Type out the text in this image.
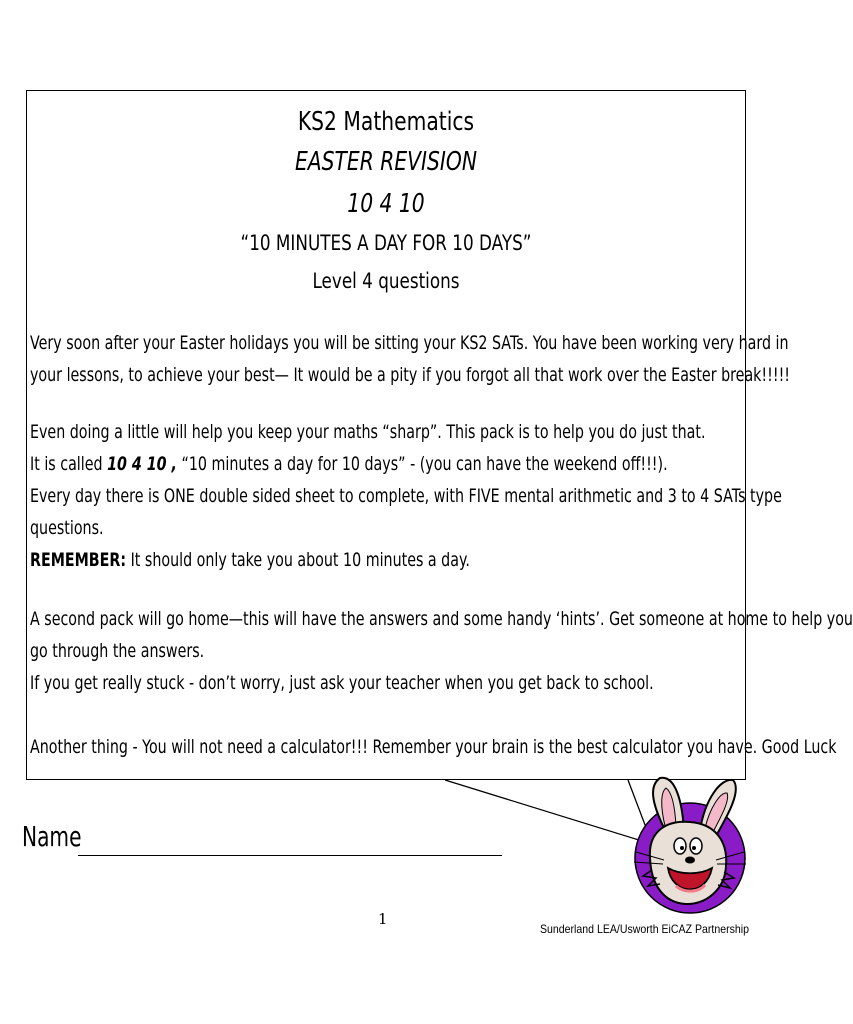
KS2 Mathematics
EASTER REVISION
10 4 10
“10 MINUTES A DAY FOR 10 DAYS”
Level 4 questions
Very soon after your Easter holidays you will be sitting your KS2 SATs. You have been working very hard in
your lessons, to achieve your best— It would be a pity if you forgot all that work over the Easter break!!!!!
Even doing a little will help you keep your maths “sharp”. This pack is to help you do just that.
It is called 10 4 10 , “10 minutes a day for 10 days” - (you can have the weekend off!!!).
Every day there is ONE double sided sheet to complete, with FIVE mental arithmetic and 3 to 4 SATs type
questions.
REMEMBER: It should only take you about 10 minutes a day.
A second pack will go home—this will have the answers and some handy ‘hints’. Get someone at home to help you
go through the answers.
If you get really stuck - don’t worry, just ask your teacher when you get back to school.
Another thing - You will not need a calculator!!! Remember your brain is the best calculator you have. Good Luck
Name
1
Sunderland LEA/Usworth EiCAZ Partnership
